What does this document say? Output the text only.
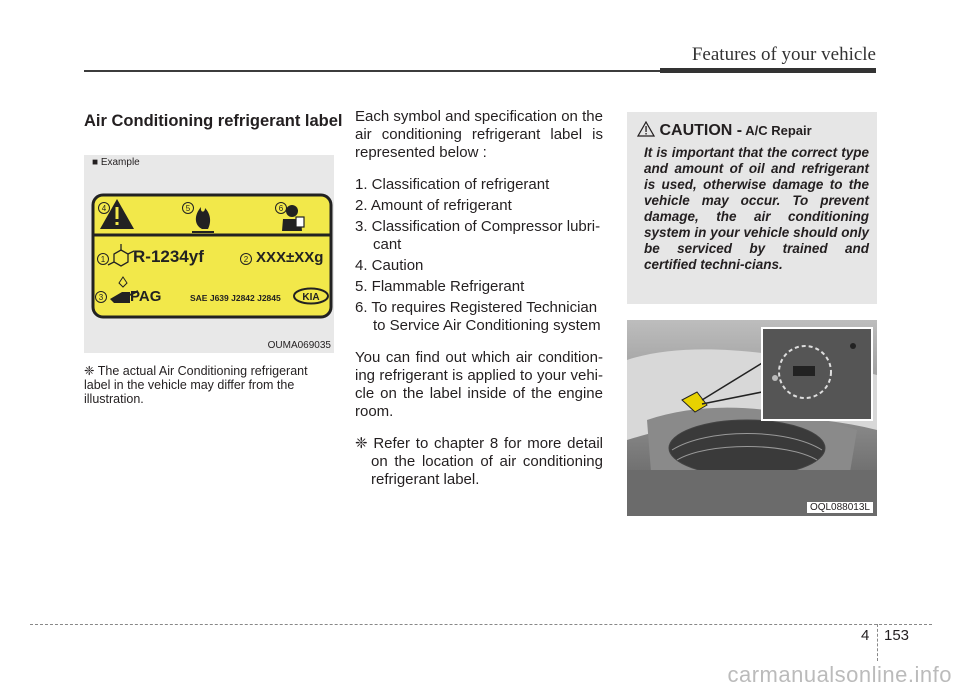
Features of your vehicle
Air Conditioning refrigerant label
■ Example
4	5	6
1	2
3
R-1234yf	XXX±XXg
PAG	SAE J639 J2842 J2845 KIA
OUMA069035
❈ The actual Air Conditioning refrigerant label in the vehicle may differ from the illustration.

Each symbol and specification on the air conditioning refrigerant label is represented below :

1. Classification of refrigerant
2. Amount of refrigerant
3. Classification of Compressor lubri-cant
4. Caution
5. Flammable Refrigerant
6. To requires Registered Technician to Service Air Conditioning system

You can find out which air condition-ing refrigerant is applied to your vehi-cle on the label inside of the engine room.

❈ Refer to chapter 8 for more detail on the location of air conditioning refrigerant label.

CAUTION - A/C Repair
It is important that the correct type and amount of oil and refrigerant is used, otherwise damage to the vehicle may occur. To prevent damage, the air conditioning system in your vehicle should only be serviced by trained and certified techni-cians.
OQL088013L
4 153
carmanualsonline.info
